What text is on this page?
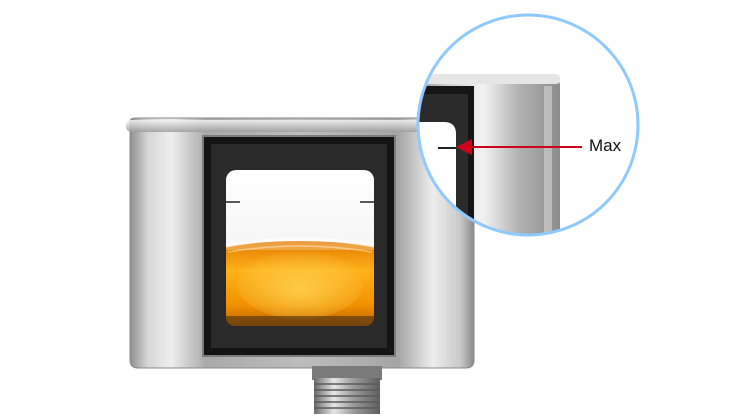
Max
